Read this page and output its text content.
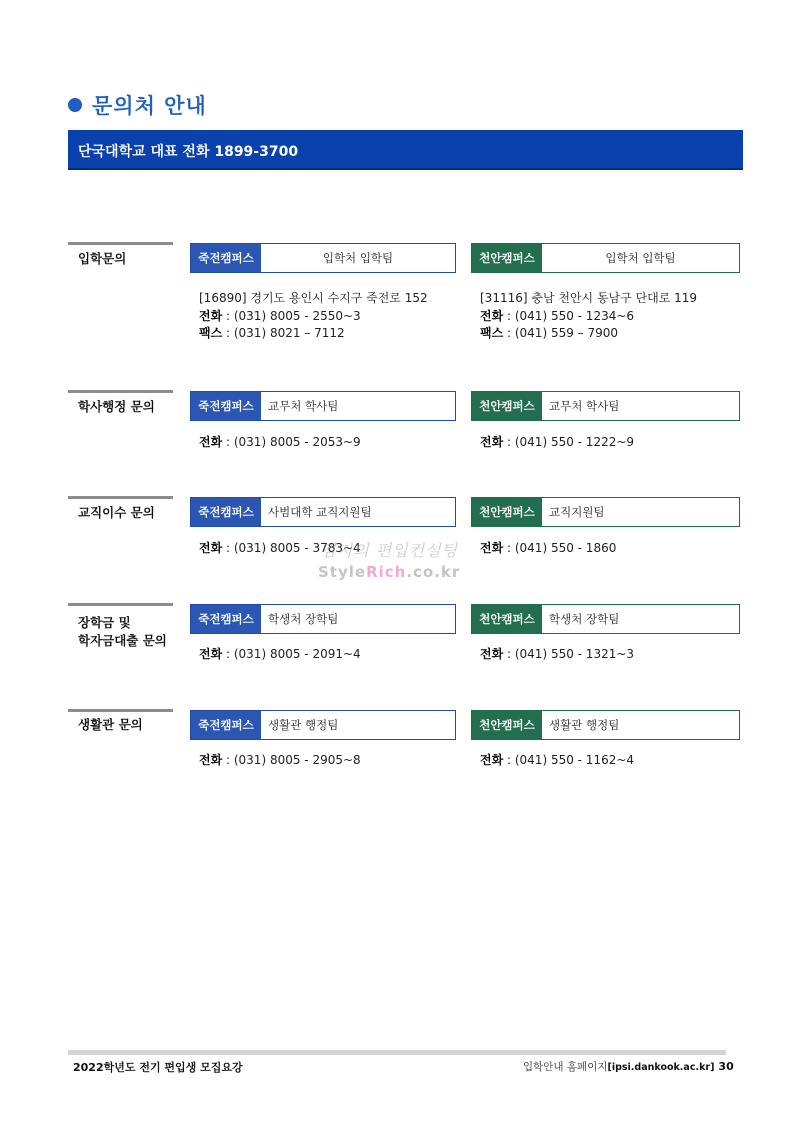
문의처 안내
단국대학교 대표 전화 1899-3700
입학문의	죽전캠퍼스	입학처 입학팀	천안캠퍼스	입학처 입학팀
[16890] 경기도 용인시 수지구 죽전로 152
전화 : (031) 8005 - 2550~3
팩스 : (031) 8021 – 7112
[31116] 충남 천안시 동남구 단대로 119
전화 : (041) 550 - 1234~6
팩스 : (041) 559 – 7900
학사행정 문의	죽전캠퍼스	교무처 학사팀	천안캠퍼스	교무처 학사팀
전화 : (031) 8005 - 2053~9	전화 : (041) 550 - 1222~9
교직이수 문의	죽전캠퍼스	사범대학 교직지원팀	천안캠퍼스	교직지원팀
전화 : (031) 8005 - 3783~4	전화 : (041) 550 - 1860
김지의 편입컨설팅
StyleRich.co.kr
장학금 및
학자금대출 문의
죽전캠퍼스	학생처 장학팀	천안캠퍼스	학생처 장학팀
전화 : (031) 8005 - 2091~4	전화 : (041) 550 - 1321~3
생활관 문의	죽전캠퍼스	생활관 행정팀	천안캠퍼스	생활관 행정팀
전화 : (031) 8005 - 2905~8	전화 : (041) 550 - 1162~4
2022학년도 전기 편입생 모집요강	입학안내 홈페이지[ipsi.dankook.ac.kr] 30
